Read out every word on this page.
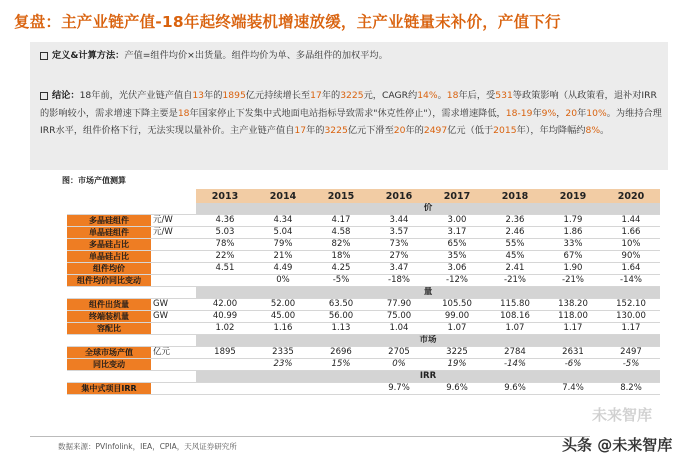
复盘：主产业链产值-18年起终端装机增速放缓，主产业链量末补价，产值下行
定义&计算方法：产值=组件均价×出货量。组件均价为单、多晶组件的加权平均。
结论：18年前，光伏产业链产值自13年的1895亿元持续增长至17年的3225元，CAGR约14%。18年后，受531等政策影响（从政策看，退补对IRR的影响较小，需求增速下降主要是18年国家停止下发集中式地面电站指标导致需求"休克性停止"），需求增速降低，18-19年9%，20年10%。为维持合理IRR水平，组件价格下行，无法实现以量补价。主产业链产值自17年的3225亿元下滑至20年的2497亿元（低于2015年），年均降幅约8%。
图：市场产值测算
		2013	2014	2015	2016	2017	2018	2019	2020
		价							
多晶硅组件	元/W	4.36	4.34	4.17	3.44	3.00	2.36	1.79	1.44
单晶硅组件	元/W	5.03	5.04	4.58	3.57	3.17	2.46	1.86	1.66
多晶硅占比		78%	79%	82%	73%	65%	55%	33%	10%
单晶硅占比		22%	21%	18%	27%	35%	45%	67%	90%
组件均价		4.51	4.49	4.25	3.47	3.06	2.41	1.90	1.64
组件均价同比变动			0%	-5%	-18%	-12%	-21%	-21%	-14%
		量							
组件出货量	GW	42.00	52.00	63.50	77.90	105.50	115.80	138.20	152.10
终端装机量	GW	40.99	45.00	56.00	75.00	99.00	108.16	118.00	130.00
容配比		1.02	1.16	1.13	1.04	1.07	1.07	1.17	1.17
		市场							
全球市场产值	亿元	1895	2335	2696	2705	3225	2784	2631	2497
同比变动			23%	15%	0%	19%	-14%	-6%	-5%
		IRR							
集中式项目IRR					9.7%	9.6%	9.6%	7.4%	8.2%
数据来源：PVInfolink，IEA，CPIA，天风证券研究所
未来智库
头条 @未来智库
